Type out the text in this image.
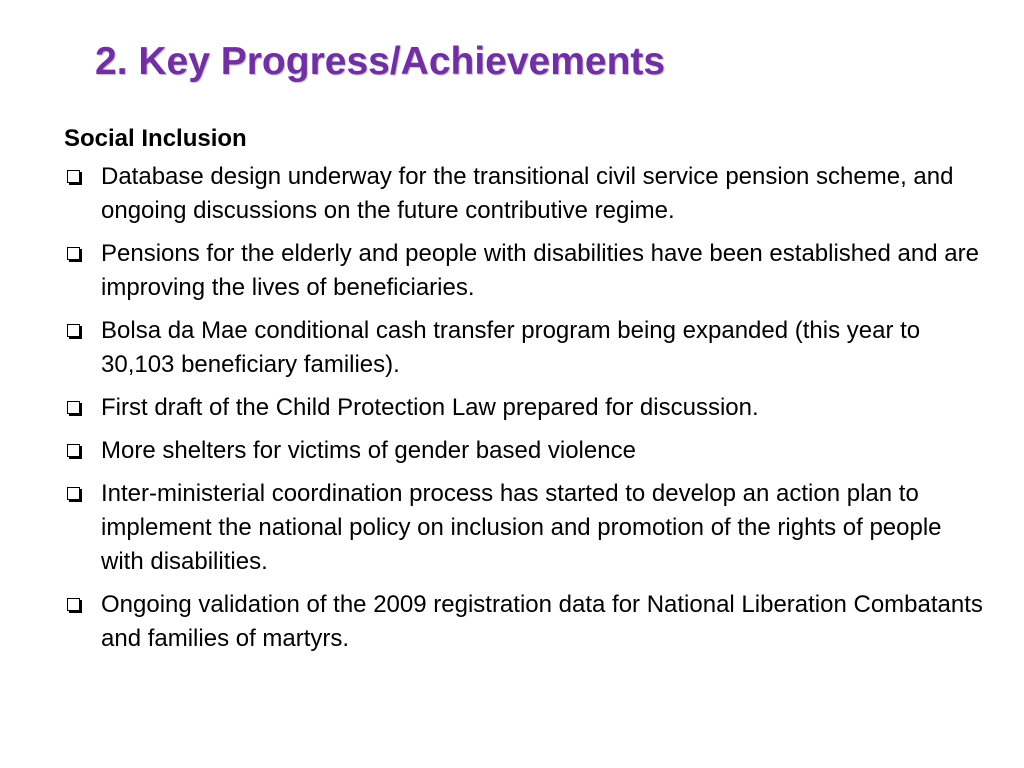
2. Key Progress/Achievements
Social Inclusion
Database design underway for the transitional civil service pension scheme, and ongoing discussions on the future contributive regime.
Pensions for the elderly and people with disabilities have been established and are improving the lives of beneficiaries.
Bolsa da Mae conditional cash transfer program being expanded (this year to 30,103 beneficiary families).
First draft of the Child Protection Law prepared for discussion.
More shelters for victims of gender based violence
Inter-ministerial coordination process has started to develop an action plan to implement the national policy on inclusion and promotion of the rights of people with disabilities.
Ongoing validation of the 2009 registration data for National Liberation Combatants and families of martyrs.
